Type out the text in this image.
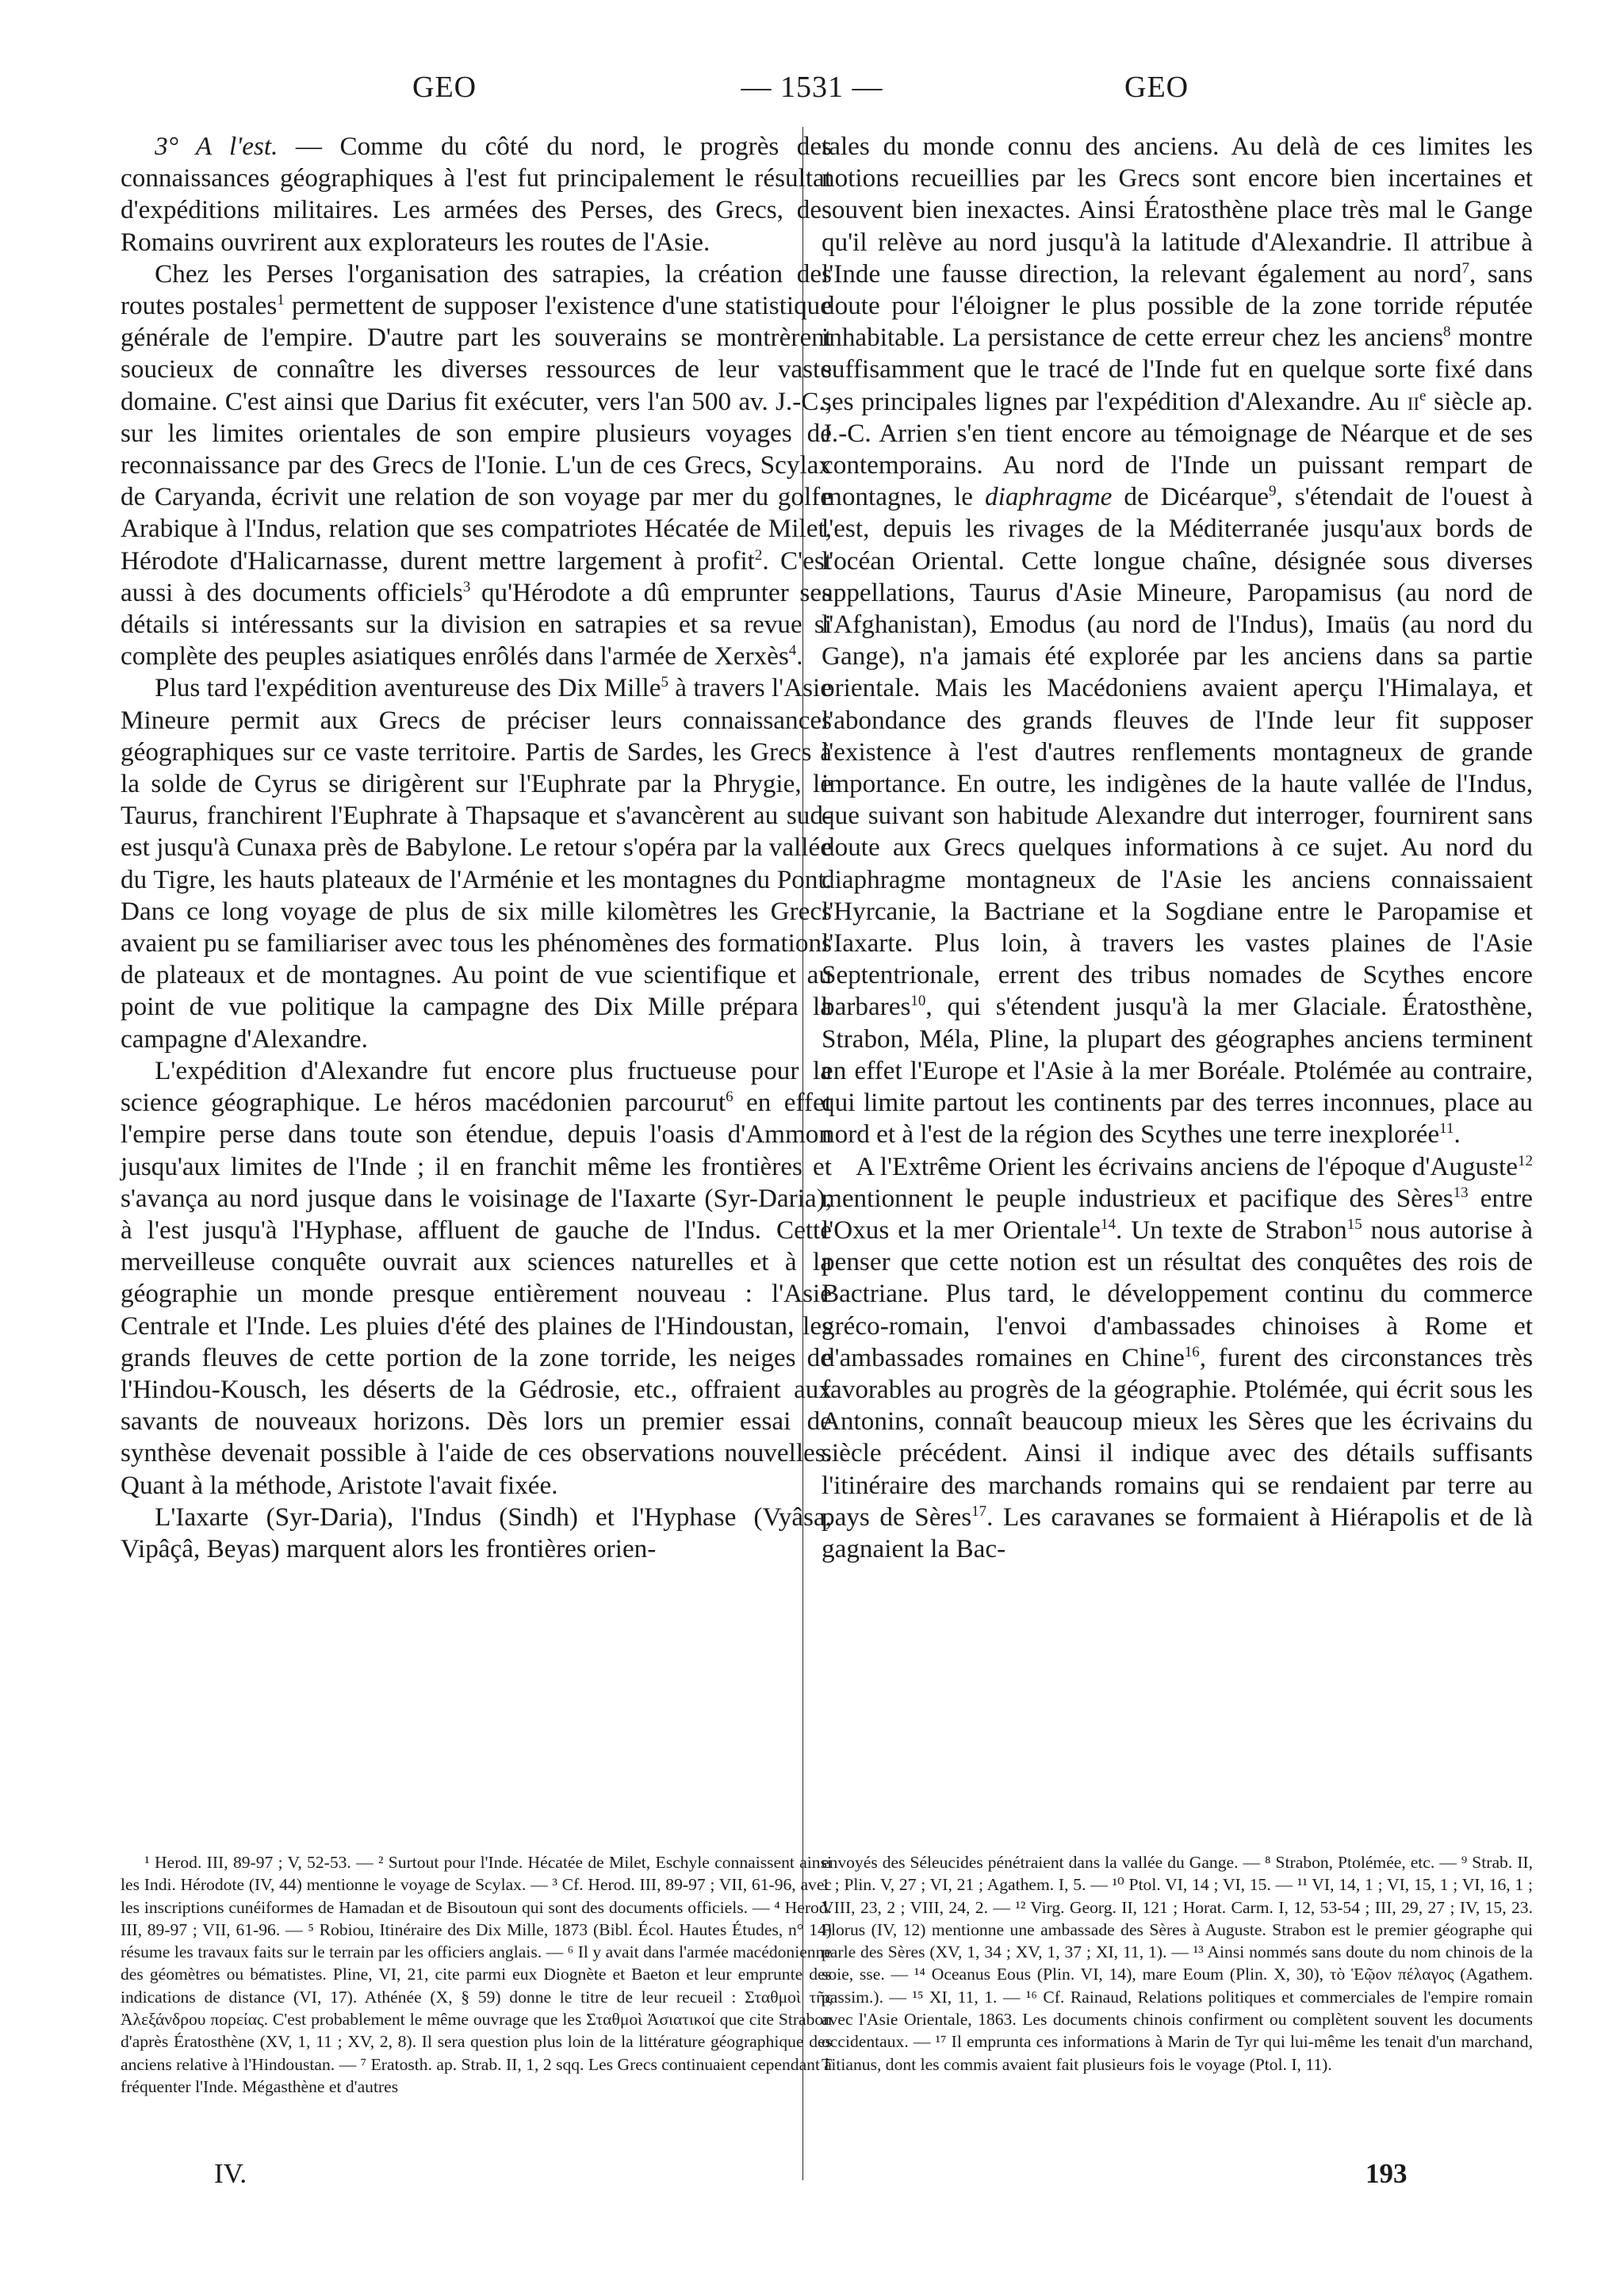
GEO	— 1531 —	GEO

3° A l'est. — Comme du côté du nord, le progrès des connaissances géographiques à l'est fut principalement le résultat d'expéditions militaires. Les armées des Perses, des Grecs, des Romains ouvrirent aux explorateurs les routes de l'Asie.

Chez les Perses l'organisation des satrapies, la création des routes postales$^1$ permettent de supposer l'existence d'une statistique générale de l'empire. D'autre part les souverains se montrèrent soucieux de connaître les diverses ressources de leur vaste domaine. C'est ainsi que Darius fit exécuter, vers l'an 500 av. J.-C., sur les limites orientales de son empire plusieurs voyages de reconnaissance par des Grecs de l'Ionie. L'un de ces Grecs, Scylax de Caryanda, écrivit une relation de son voyage par mer du golfe Arabique à l'Indus, relation que ses compatriotes Hécatée de Milet, Hérodote d'Halicarnasse, durent mettre largement à profit$^2$. C'est aussi à des documents officiels$^3$ qu'Hérodote a dû emprunter ses détails si intéressants sur la division en satrapies et sa revue si complète des peuples asiatiques enrôlés dans l'armée de Xerxès$^4$.

Plus tard l'expédition aventureuse des Dix Mille$^5$ à travers l'Asie Mineure permit aux Grecs de préciser leurs connaissances géographiques sur ce vaste territoire. Partis de Sardes, les Grecs à la solde de Cyrus se dirigèrent sur l'Euphrate par la Phrygie, le Taurus, franchirent l'Euphrate à Thapsaque et s'avancèrent au sud-est jusqu'à Cunaxa près de Babylone. Le retour s'opéra par la vallée du Tigre, les hauts plateaux de l'Arménie et les montagnes du Pont. Dans ce long voyage de plus de six mille kilomètres les Grecs avaient pu se familiariser avec tous les phénomènes des formations de plateaux et de montagnes. Au point de vue scientifique et au point de vue politique la campagne des Dix Mille prépara la campagne d'Alexandre.

L'expédition d'Alexandre fut encore plus fructueuse pour la science géographique. Le héros macédonien parcourut$^6$ en effet l'empire perse dans toute son étendue, depuis l'oasis d'Ammon jusqu'aux limites de l'Inde ; il en franchit même les frontières et s'avança au nord jusque dans le voisinage de l'Iaxarte (Syr-Daria), à l'est jusqu'à l'Hyphase, affluent de gauche de l'Indus. Cette merveilleuse conquête ouvrait aux sciences naturelles et à la géographie un monde presque entièrement nouveau : l'Asie Centrale et l'Inde. Les pluies d'été des plaines de l'Hindoustan, les grands fleuves de cette portion de la zone torride, les neiges de l'Hindou-Kousch, les déserts de la Gédrosie, etc., offraient aux savants de nouveaux horizons. Dès lors un premier essai de synthèse devenait possible à l'aide de ces observations nouvelles. Quant à la méthode, Aristote l'avait fixée.

L'Iaxarte (Syr-Daria), l'Indus (Sindh) et l'Hyphase (Vyâsa, Vipâçâ, Beyas) marquent alors les frontières orien-

tales du monde connu des anciens. Au delà de ces limites les notions recueillies par les Grecs sont encore bien incertaines et souvent bien inexactes. Ainsi Ératosthène place très mal le Gange qu'il relève au nord jusqu'à la latitude d'Alexandrie. Il attribue à l'Inde une fausse direction, la relevant également au nord$^7$, sans doute pour l'éloigner le plus possible de la zone torride réputée inhabitable. La persistance de cette erreur chez les anciens$^8$ montre suffisamment que le tracé de l'Inde fut en quelque sorte fixé dans ses principales lignes par l'expédition d'Alexandre. Au $ii^e$ siècle ap. J.-C. Arrien s'en tient encore au témoignage de Néarque et de ses contemporains. Au nord de l'Inde un puissant rempart de montagnes, le diaphragme de Dicéarque$^9$, s'étendait de l'ouest à l'est, depuis les rivages de la Méditerranée jusqu'aux bords de l'océan Oriental. Cette longue chaîne, désignée sous diverses appellations, Taurus d'Asie Mineure, Paropamisus (au nord de l'Afghanistan), Emodus (au nord de l'Indus), Imaüs (au nord du Gange), n'a jamais été explorée par les anciens dans sa partie orientale. Mais les Macédoniens avaient aperçu l'Himalaya, et l'abondance des grands fleuves de l'Inde leur fit supposer l'existence à l'est d'autres renflements montagneux de grande importance. En outre, les indigènes de la haute vallée de l'Indus, que suivant son habitude Alexandre dut interroger, fournirent sans doute aux Grecs quelques informations à ce sujet. Au nord du diaphragme montagneux de l'Asie les anciens connaissaient l'Hyrcanie, la Bactriane et la Sogdiane entre le Paropamise et l'Iaxarte. Plus loin, à travers les vastes plaines de l'Asie Septentrionale, errent des tribus nomades de Scythes encore barbares$^{10}$, qui s'étendent jusqu'à la mer Glaciale. Ératosthène, Strabon, Méla, Pline, la plupart des géographes anciens terminent en effet l'Europe et l'Asie à la mer Boréale. Ptolémée au contraire, qui limite partout les continents par des terres inconnues, place au nord et à l'est de la région des Scythes une terre inexplorée$^{11}$.

A l'Extrême Orient les écrivains anciens de l'époque d'Auguste$^{12}$ mentionnent le peuple industrieux et pacifique des Sères$^{13}$ entre l'Oxus et la mer Orientale$^{14}$. Un texte de Strabon$^{15}$ nous autorise à penser que cette notion est un résultat des conquêtes des rois de Bactriane. Plus tard, le développement continu du commerce gréco-romain, l'envoi d'ambassades chinoises à Rome et d'ambassades romaines en Chine$^{16}$, furent des circonstances très favorables au progrès de la géographie. Ptolémée, qui écrit sous les Antonins, connaît beaucoup mieux les Sères que les écrivains du siècle précédent. Ainsi il indique avec des détails suffisants l'itinéraire des marchands romains qui se rendaient par terre au pays de Sères$^{17}$. Les caravanes se formaient à Hiérapolis et de là gagnaient la Bac-

¹ Herod. III, 89-97 ; V, 52-53. — ² Surtout pour l'Inde. Hécatée de Milet, Eschyle connaissent ainsi les Indi. Hérodote (IV, 44) mentionne le voyage de Scylax. — ³ Cf. Herod. III, 89-97 ; VII, 61-96, avec les inscriptions cunéiformes de Hamadan et de Bisoutoun qui sont des documents officiels. — ⁴ Herod. III, 89-97 ; VII, 61-96. — ⁵ Robiou, Itinéraire des Dix Mille, 1873 (Bibl. Écol. Hautes Études, n° 14) résume les travaux faits sur le terrain par les officiers anglais. — ⁶ Il y avait dans l'armée macédonienne des géomètres ou bématistes. Pline, VI, 21, cite parmi eux Diognète et Baeton et leur emprunte des indications de distance (VI, 17). Athénée (X, § 59) donne le titre de leur recueil : Σταθμοὶ τῆς Ἀλεξάνδρου πορείας. C'est probablement le même ouvrage que les Σταθμοὶ Ἀσιατικοί que cite Strabon d'après Ératosthène (XV, 1, 11 ; XV, 2, 8). Il sera question plus loin de la littérature géographique des anciens relative à l'Hindoustan. — ⁷ Eratosth. ap. Strab. II, 1, 2 sqq. Les Grecs continuaient cependant à fréquenter l'Inde. Mégasthène et d'autres

envoyés des Séleucides pénétraient dans la vallée du Gange. — ⁸ Strabon, Ptolémée, etc. — ⁹ Strab. II, 1 ; Plin. V, 27 ; VI, 21 ; Agathem. I, 5. — ¹⁰ Ptol. VI, 14 ; VI, 15. — ¹¹ VI, 14, 1 ; VI, 15, 1 ; VI, 16, 1 ; VIII, 23, 2 ; VIII, 24, 2. — ¹² Virg. Georg. II, 121 ; Horat. Carm. I, 12, 53-54 ; III, 29, 27 ; IV, 15, 23. Florus (IV, 12) mentionne une ambassade des Sères à Auguste. Strabon est le premier géographe qui parle des Sères (XV, 1, 34 ; XV, 1, 37 ; XI, 11, 1). — ¹³ Ainsi nommés sans doute du nom chinois de la soie, sse. — ¹⁴ Oceanus Eous (Plin. VI, 14), mare Eoum (Plin. X, 30), τὸ Ἑῷον πέλαγος (Agathem. passim.). — ¹⁵ XI, 11, 1. — ¹⁶ Cf. Rainaud, Relations politiques et commerciales de l'empire romain avec l'Asie Orientale, 1863. Les documents chinois confirment ou complètent souvent les documents occidentaux. — ¹⁷ Il emprunta ces informations à Marin de Tyr qui lui-même les tenait d'un marchand, Titianus, dont les commis avaient fait plusieurs fois le voyage (Ptol. I, 11).

IV.	193
